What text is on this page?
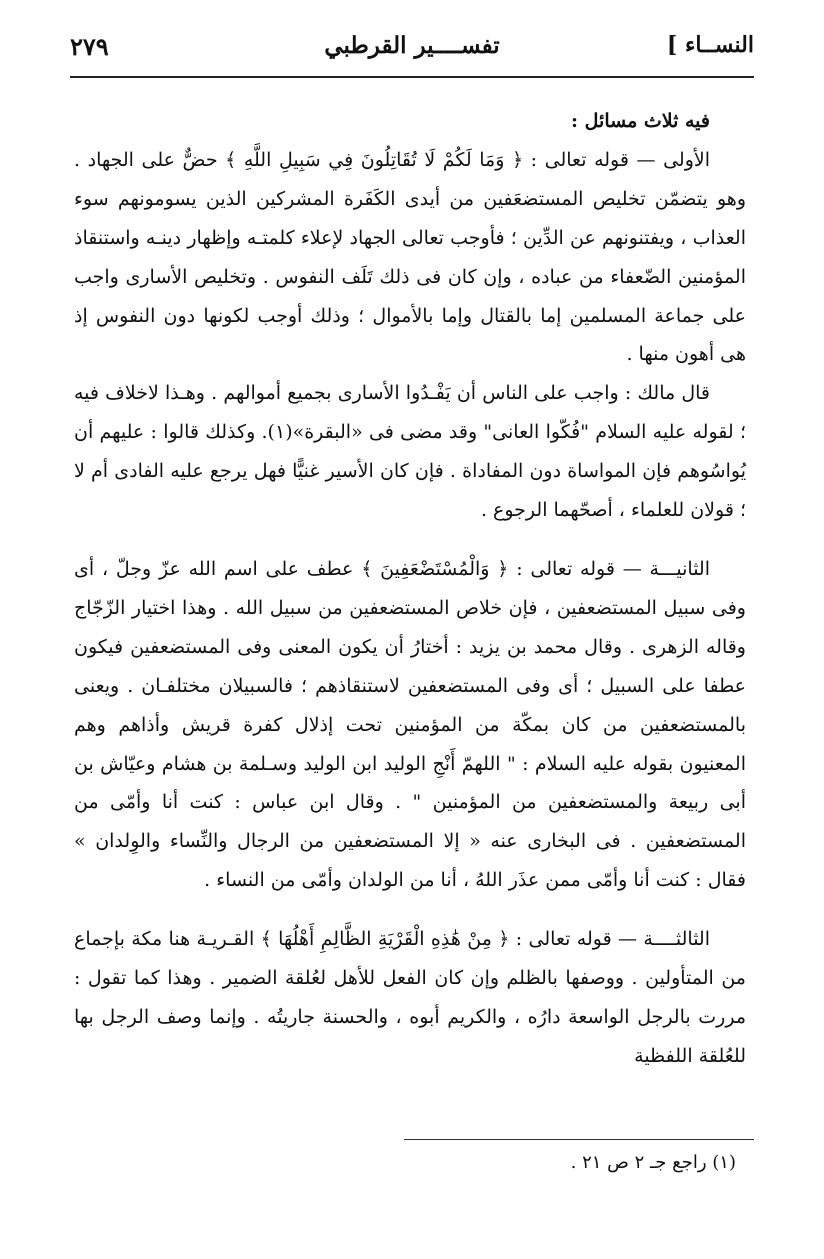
النســاء ]
تفســــير القرطبي
٢٧٩

فيه ثلاث مسائل :

الأولى — قوله تعالى : ﴿ وَمَا لَكُمْ لَا تُقَاتِلُونَ فِي سَبِيلِ اللَّهِ ﴾ حضٌّ على الجهاد . وهو يتضمّن تخليص المستضعَفين من أيدى الكَفَرة المشركين الذين يسومونهم سوء العذاب ، ويفتنونهم عن الدِّين ؛ فأوجب تعالى الجهاد لإعلاء كلمتـه وإظهار دينـه واستنقاذ المؤمنين الضّعفاء من عباده ، وإن كان فى ذلك تَلَف النفوس . وتخليص الأسارى واجب على جماعة المسلمين إما بالقتال وإما بالأموال ؛ وذلك أوجب لكونها دون النفوس إذ هى أهون منها .

قال مالك : واجب على الناس أن يَفْـدُوا الأسارى بجميع أموالهم . وهـذا لاخلاف فيه ؛ لقوله عليه السلام "فُكّوا العانى" وقد مضى فى «البقرة»(١). وكذلك قالوا : عليهم أن يُواسُوهم فإن المواساة دون المفاداة . فإن كان الأسير غنيًّا فهل يرجع عليه الفادى أم لا ؛ قولان للعلماء ، أصحّهما الرجوع .

الثانيـــة — قوله تعالى : ﴿ وَالْمُسْتَضْعَفِينَ ﴾ عطف على اسم الله عزّ وجلّ ، أى وفى سبيل المستضعفين ، فإن خلاص المستضعفين من سبيل الله . وهذا اختيار الزّجّاج وقاله الزهرى . وقال محمد بن يزيد : أختارُ أن يكون المعنى وفى المستضعفين فيكون عطفا على السبيل ؛ أى وفى المستضعفين لاستنقاذهم ؛ فالسبيلان مختلفـان . ويعنى بالمستضعفين من كان بمكّة من المؤمنين تحت إذلال كفرة قريش وأذاهم وهم المعنيون بقوله عليه السلام : " اللهمّ أَنْجِ الوليد ابن الوليد وسـلمة بن هشام وعيّاش بن أبى ربيعة والمستضعفين من المؤمنين " . وقال ابن عباس : كنت أنا وأمّى من المستضعفين . فى البخارى عنه « إلا المستضعفين من الرجال والنِّساء والوِلدان » فقال : كنت أنا وأمّى ممن عذَر اللهُ ، أنا من الولدان وأمّى من النساء .

الثالثــــة — قوله تعالى : ﴿ مِنْ هَٰذِهِ الْقَرْيَةِ الظَّالِمِ أَهْلُهَا ﴾ القـريـة هنا مكة بإجماع من المتأولين . ووصفها بالظلم وإن كان الفعل للأهل لعُلقة الضمير . وهذا كما تقول : مررت بالرجل الواسعة دارُه ، والكريم أبوه ، والحسنة جاريتُه . وإنما وصف الرجل بها للعُلقة اللفظية

(١) راجع جـ ٢ ص ٢١ .
